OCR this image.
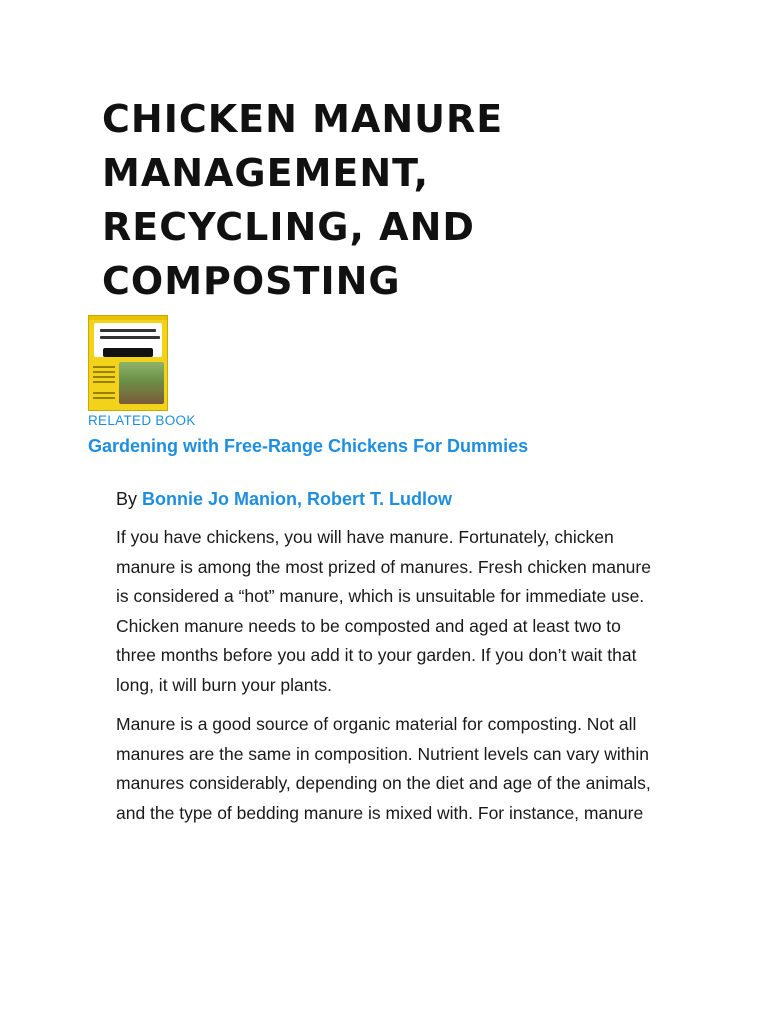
CHICKEN MANURE MANAGEMENT, RECYCLING, AND COMPOSTING
RELATED BOOK
Gardening with Free-Range Chickens For Dummies
By Bonnie Jo Manion, Robert T. Ludlow

If you have chickens, you will have manure. Fortunately, chicken manure is among the most prized of manures. Fresh chicken manure is considered a “hot” manure, which is unsuitable for immediate use. Chicken manure needs to be composted and aged at least two to three months before you add it to your garden. If you don’t wait that long, it will burn your plants.

Manure is a good source of organic material for composting. Not all manures are the same in composition. Nutrient levels can vary within manures considerably, depending on the diet and age of the animals, and the type of bedding manure is mixed with. For instance, manure
